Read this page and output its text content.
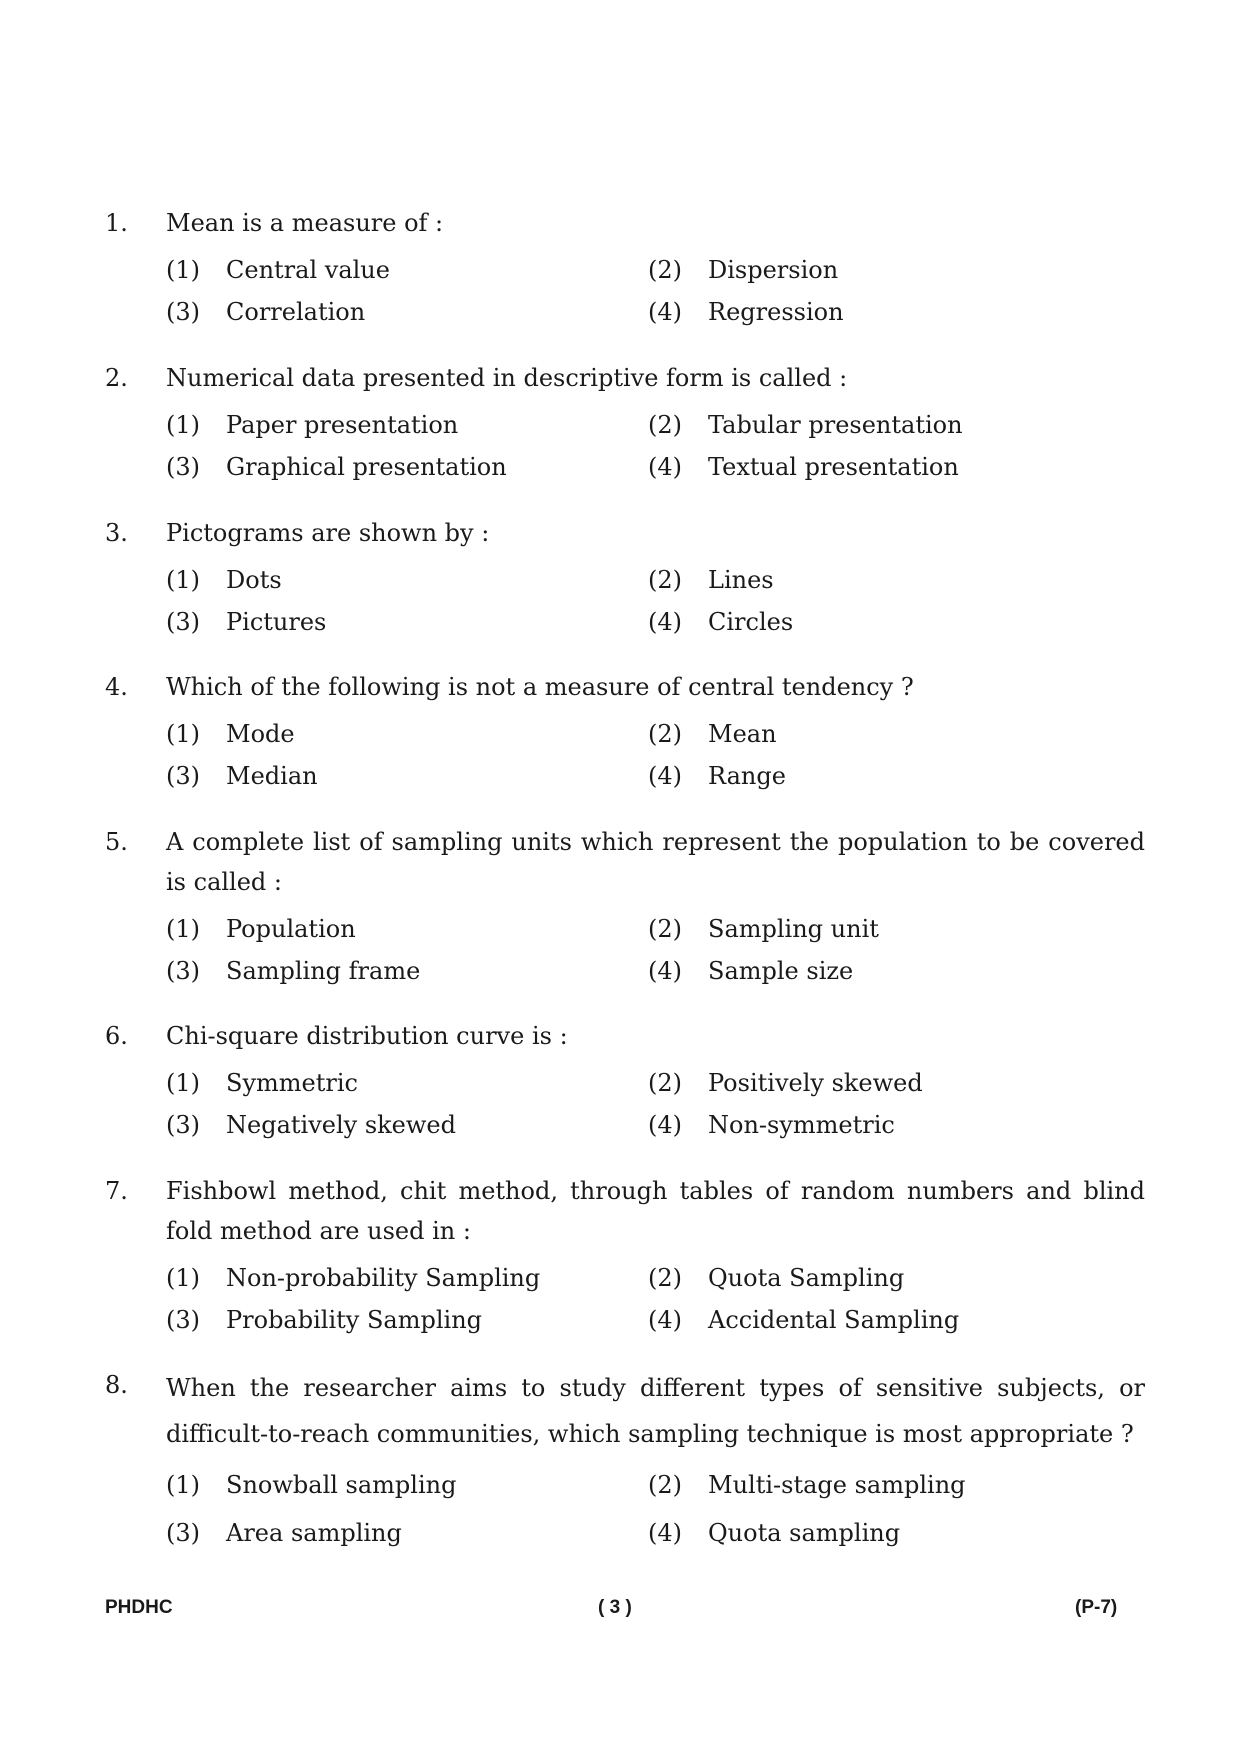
1.	Mean is a measure of :
(1)	Central value	(2)	Dispersion
(3)	Correlation	(4)	Regression
2.	Numerical data presented in descriptive form is called :
(1)	Paper presentation	(2)	Tabular presentation
(3)	Graphical presentation	(4)	Textual presentation
3.	Pictograms are shown by :
(1)	Dots	(2)	Lines
(3)	Pictures	(4)	Circles
4.	Which of the following is not a measure of central tendency ?
(1)	Mode	(2)	Mean
(3)	Median	(4)	Range
5.	A complete list of sampling units which represent the population to be covered is called :
(1)	Population	(2)	Sampling unit
(3)	Sampling frame	(4)	Sample size
6.	Chi-square distribution curve is :
(1)	Symmetric	(2)	Positively skewed
(3)	Negatively skewed	(4)	Non-symmetric
7.	Fishbowl method, chit method, through tables of random numbers and blind fold method are used in :
(1)	Non-probability Sampling	(2)	Quota Sampling
(3)	Probability Sampling	(4)	Accidental Sampling
8.	When the researcher aims to study different types of sensitive subjects, or difficult-to-reach communities, which sampling technique is most appropriate ?
(1)	Snowball sampling	(2)	Multi-stage sampling
(3)	Area sampling	(4)	Quota sampling
PHDHC	( 3 )	(P-7)
